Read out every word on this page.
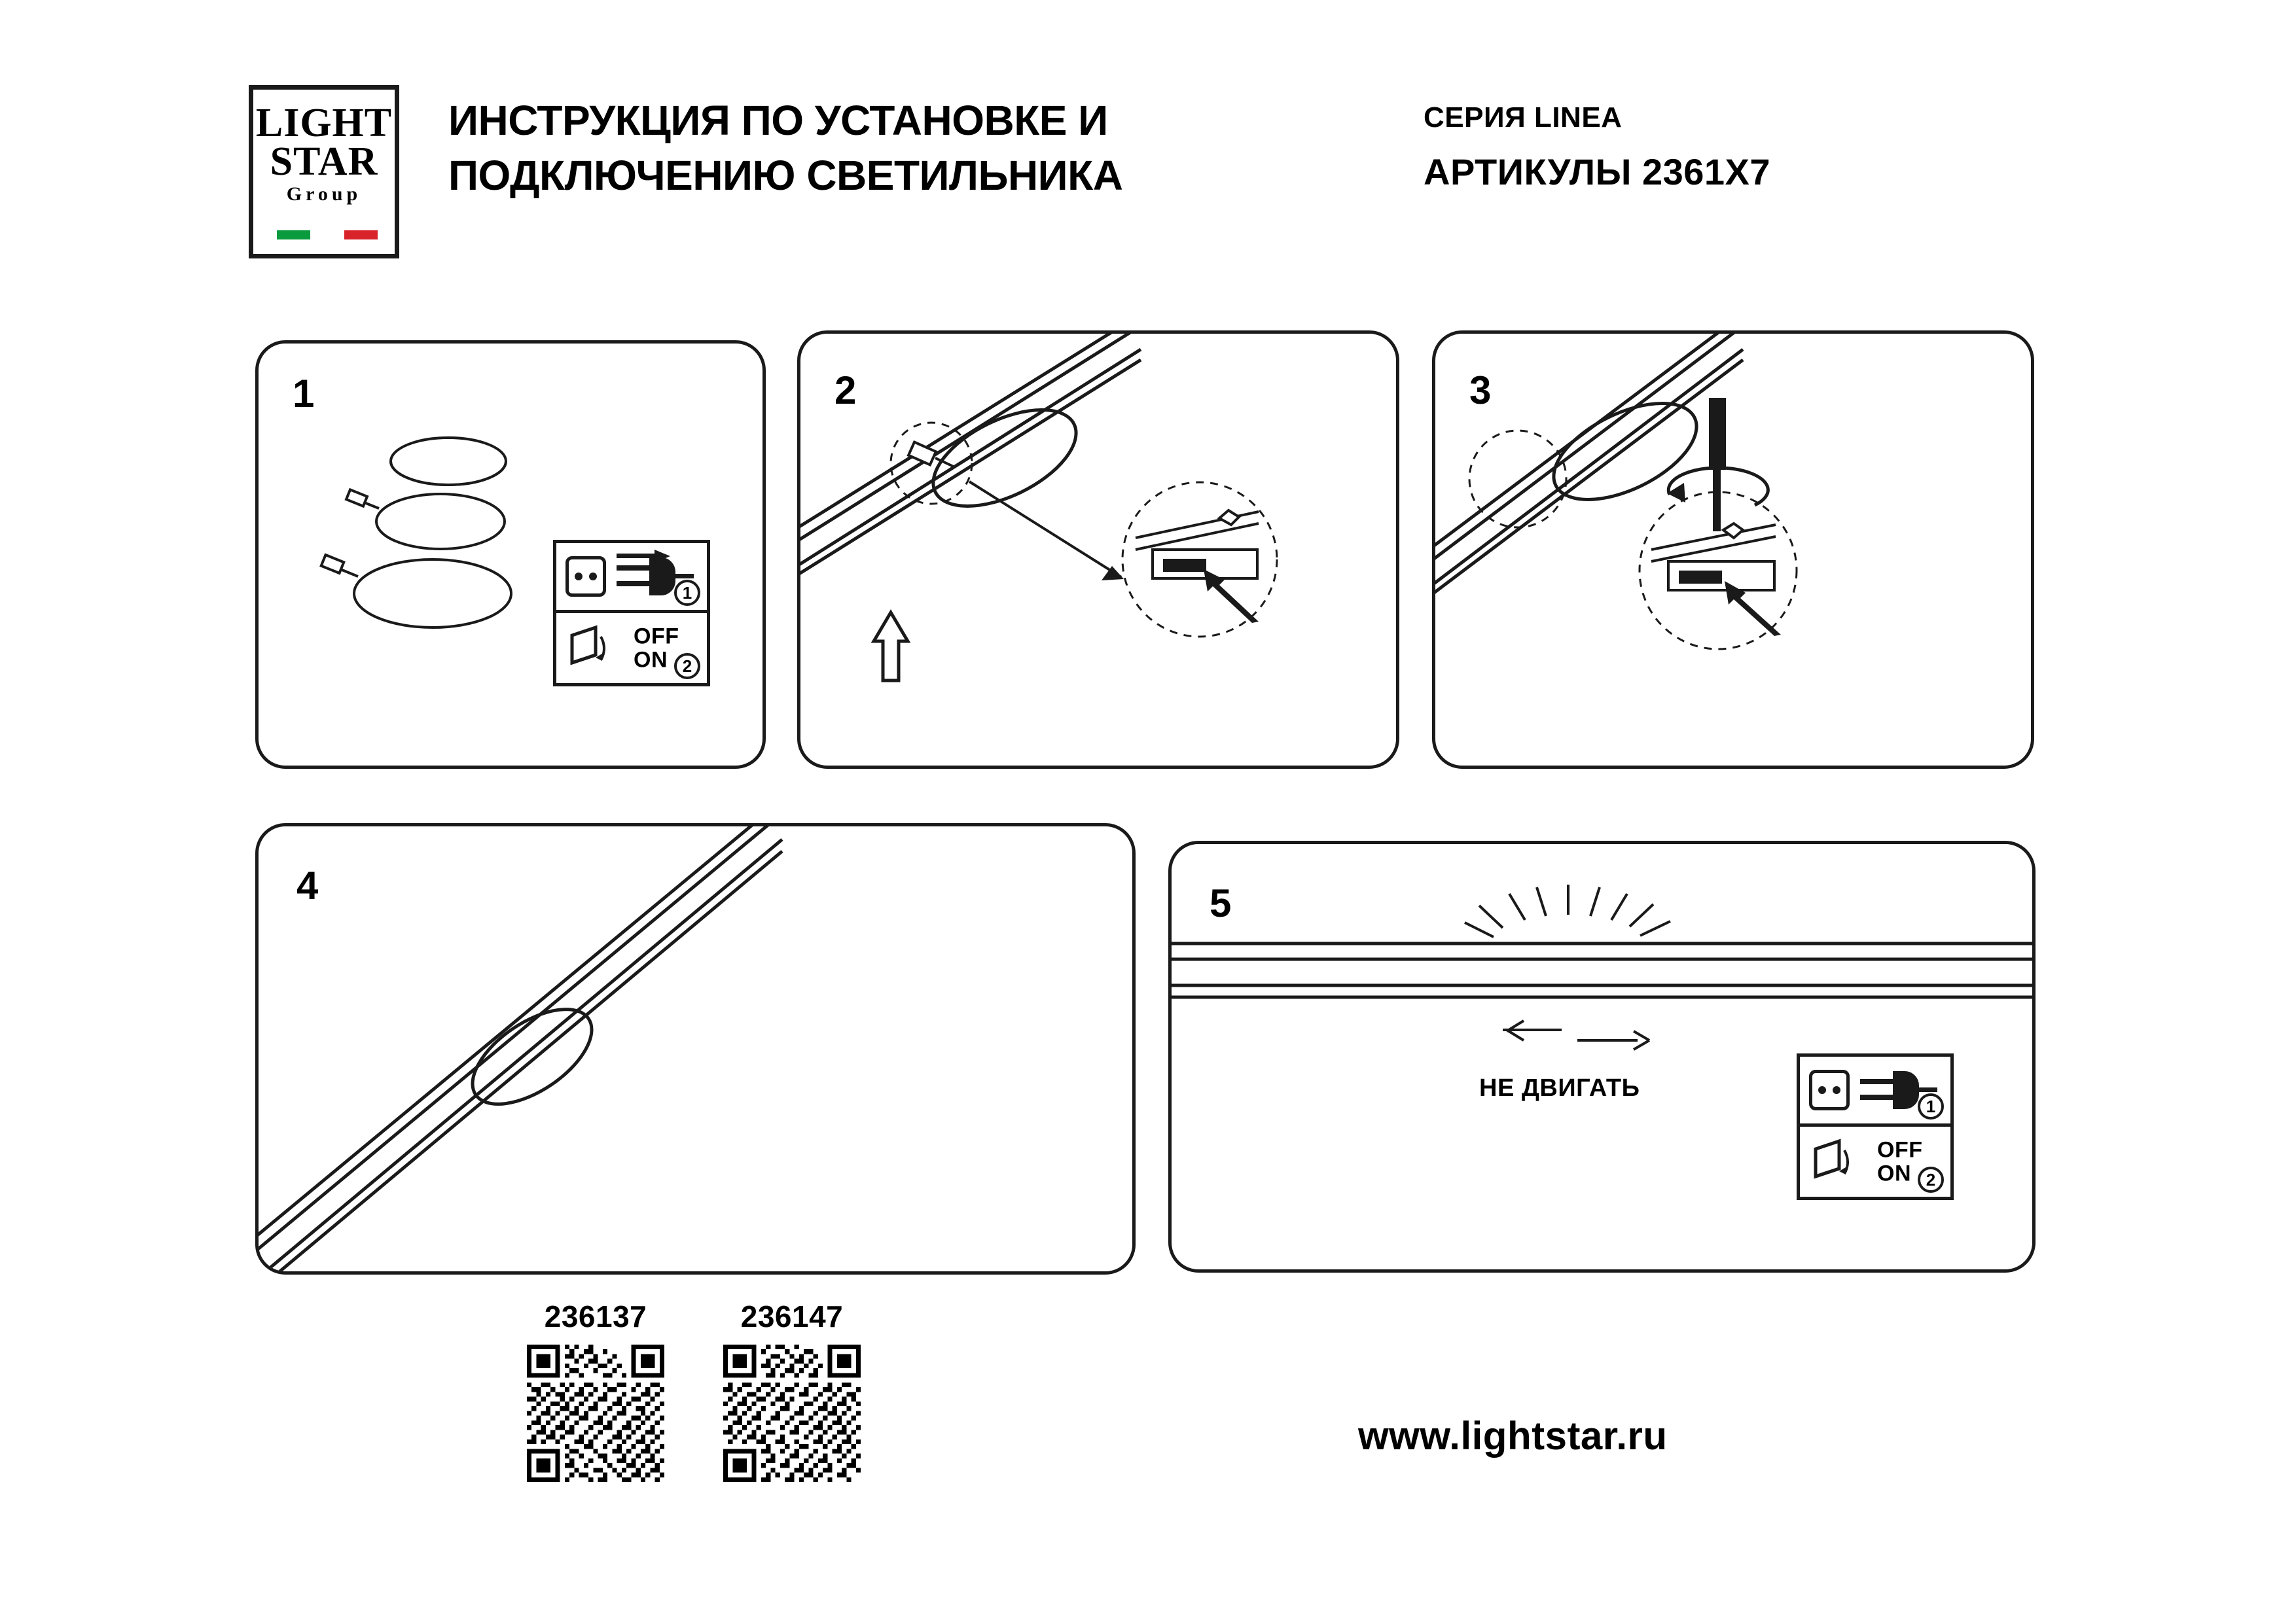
LIGHT
STAR
Group
ИНСТРУКЦИЯ ПО УСТАНОВКЕ И
ПОДКЛЮЧЕНИЮ СВЕТИЛЬНИКА
СЕРИЯ LINEA
АРТИКУЛЫ 2361X7
1
1
OFF
ON 2
2	3
4	5
НЕ ДВИГАТЬ
1
OFF
ON 2
236137	236147
www.lightstar.ru
